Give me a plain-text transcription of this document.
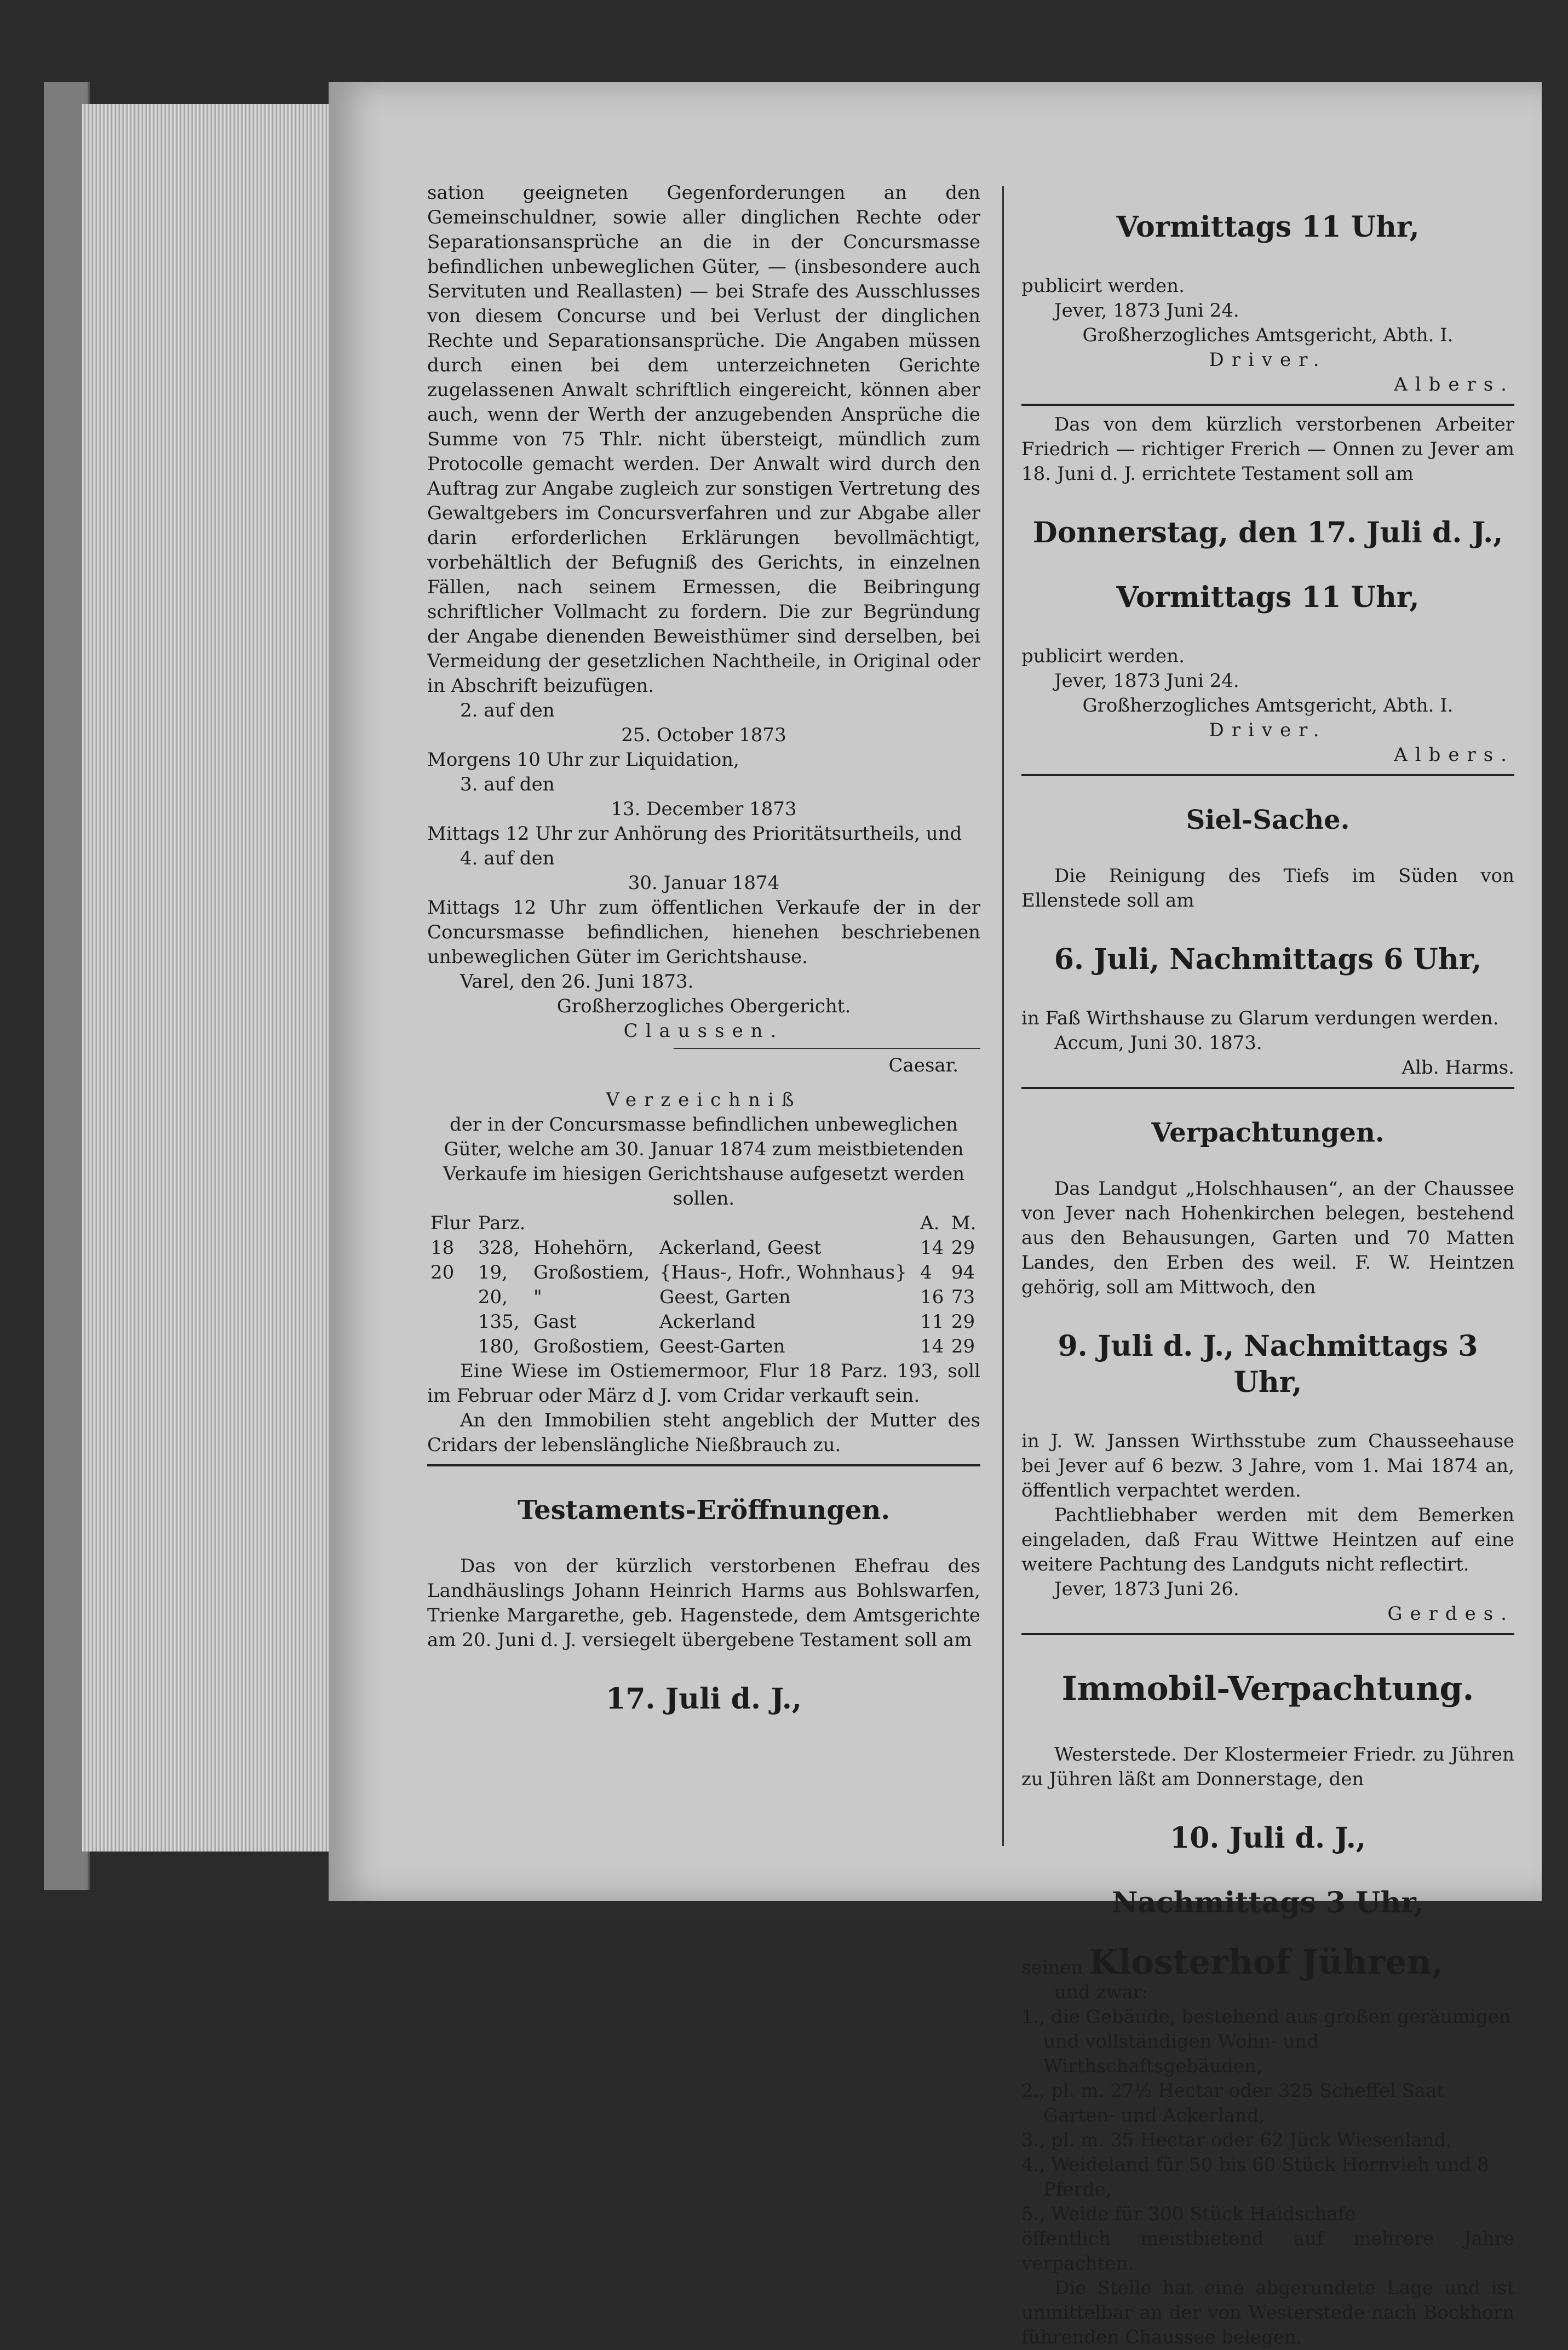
sation geeigneten Gegenforderungen an den Gemeinschuldner, sowie aller dinglichen Rechte oder Separationsansprüche an die in der Concursmasse befindlichen unbeweglichen Güter, — (insbesondere auch Servituten und Reallasten) — bei Strafe des Ausschlusses von diesem Concurse und bei Verlust der dinglichen Rechte und Separationsansprüche. Die Angaben müssen durch einen bei dem unterzeichneten Gerichte zugelassenen Anwalt schriftlich eingereicht, können aber auch, wenn der Werth der anzugebenden Ansprüche die Summe von 75 Thlr. nicht übersteigt, mündlich zum Protocolle gemacht werden. Der Anwalt wird durch den Auftrag zur Angabe zugleich zur sonstigen Vertretung des Gewaltgebers im Concursverfahren und zur Abgabe aller darin erforderlichen Erklärungen bevollmächtigt, vorbehältlich der Befugniß des Gerichts, in einzelnen Fällen, nach seinem Ermessen, die Beibringung schriftlicher Vollmacht zu fordern. Die zur Begründung der Angabe dienenden Beweisthümer sind derselben, bei Vermeidung der gesetzlichen Nachtheile, in Original oder in Abschrift beizufügen.

2. auf den

25. October 1873

Morgens 10 Uhr zur Liquidation,

3. auf den

13. December 1873

Mittags 12 Uhr zur Anhörung des Prioritätsurtheils, und

4. auf den

30. Januar 1874

Mittags 12 Uhr zum öffentlichen Verkaufe der in der Concursmasse befindlichen, hienehen beschriebenen unbeweglichen Güter im Gerichtshause.

Varel, den 26. Juni 1873.

Großherzogliches Obergericht.

Claussen.

Caesar.

Verzeichniß

der in der Concursmasse befindlichen unbeweglichen Güter, welche am 30. Januar 1874 zum meistbietenden Verkaufe im hiesigen Gerichtshause aufgesetzt werden sollen.

Flur	Parz.			A.	M.
18	328,	Hohehörn,	Ackerland, Geest	14	29
20	19,	Großostiem,	{Haus-, Hofr., Wohnhaus}	4	94
	20,	"	Geest, Garten	16	73
	135,	Gast	Ackerland	11	29
	180,	Großostiem,	Geest-Garten	14	29

Eine Wiese im Ostiemermoor, Flur 18 Parz. 193, soll im Februar oder März d J. vom Cridar verkauft sein.

An den Immobilien steht angeblich der Mutter des Cridars der lebenslängliche Nießbrauch zu.

Testaments-Eröffnungen.

Das von der kürzlich verstorbenen Ehefrau des Landhäuslings Johann Heinrich Harms aus Bohlswarfen, Trienke Margarethe, geb. Hagenstede, dem Amtsgerichte am 20. Juni d. J. versiegelt übergebene Testament soll am

17. Juli d. J.,

Vormittags 11 Uhr,

publicirt werden.

Jever, 1873 Juni 24.

Großherzogliches Amtsgericht, Abth. I.

Driver.

Albers.

Das von dem kürzlich verstorbenen Arbeiter Friedrich — richtiger Frerich — Onnen zu Jever am 18. Juni d. J. errichtete Testament soll am

Donnerstag, den 17. Juli d. J.,

Vormittags 11 Uhr,

publicirt werden.

Jever, 1873 Juni 24.

Großherzogliches Amtsgericht, Abth. I.

Driver.

Albers.

Siel-Sache.

Die Reinigung des Tiefs im Süden von Ellenstede soll am

6. Juli, Nachmittags 6 Uhr,

in Faß Wirthshause zu Glarum verdungen werden.

Accum, Juni 30. 1873.

Alb. Harms.

Verpachtungen.

Das Landgut „Holschhausen“, an der Chaussee von Jever nach Hohenkirchen belegen, bestehend aus den Behausungen, Garten und 70 Matten Landes, den Erben des weil. F. W. Heintzen gehörig, soll am Mittwoch, den

9. Juli d. J., Nachmittags 3 Uhr,

in J. W. Janssen Wirthsstube zum Chausseehause bei Jever auf 6 bezw. 3 Jahre, vom 1. Mai 1874 an, öffentlich verpachtet werden.

Pachtliebhaber werden mit dem Bemerken eingeladen, daß Frau Wittwe Heintzen auf eine weitere Pachtung des Landguts nicht reflectirt.

Jever, 1873 Juni 26.

Gerdes.

Immobil-Verpachtung.

Westerstede. Der Klostermeier Friedr. zu Jühren zu Jühren läßt am Donnerstage, den

10. Juli d. J.,

Nachmittags 3 Uhr,

seinen Klosterhof Jühren,

und zwar:

1., die Gebäude, bestehend aus großen geräumigen und vollständigen Wohn- und Wirthschaftsgebäuden,

2., pl. m. 27½ Hectar oder 325 Scheffel Saat Garten- und Ackerland,

3., pl. m. 35 Hectar oder 62 Jück Wiesenland,

4., Weideland für 50 bis 60 Stück Hornvieh und 8 Pferde,

5., Weide für 300 Stück Haidschafe

öffentlich meistbietend auf mehrere Jahre verpachten.

Die Stelle hat eine abgerundete Lage und ist unmittelbar an der von Westerstede nach Bockhorn führenden Chaussee belegen.
